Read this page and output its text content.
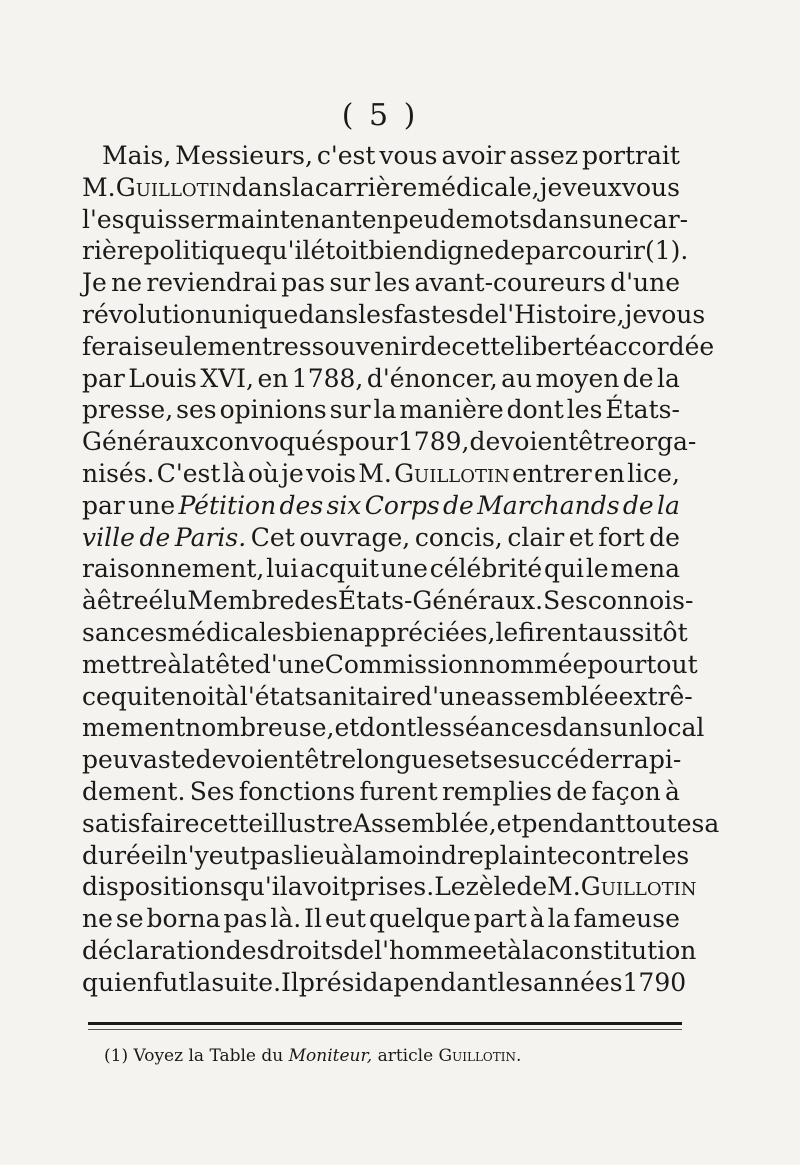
( 5 )
Mais, Messieurs, c'est vous avoir assez portrait
M. Guillotin dans la carrière médicale, je veux vous
l'esquisser maintenant en peu de mots dans une car-
rière politique qu'il étoit bien digne de parcourir (1).
Je ne reviendrai pas sur les avant-coureurs d'une
révolution unique dans les fastes de l'Histoire, je vous
ferai seulement ressouvenir de cette liberté accordée
par Louis XVI, en 1788, d'énoncer, au moyen de la
presse, ses opinions sur la manière dont les États-
Généraux convoqués pour 1789, devoient être orga-
nisés. C'est là où je vois M. Guillotin entrer en lice,
par une Pétition des six Corps de Marchands de la
ville de Paris. Cet ouvrage, concis, clair et fort de
raisonnement, lui acquit une célébrité qui le mena
à être élu Membre des États-Généraux. Ses connois-
sances médicales bien appréciées, le firent aussitôt
mettre à la tête d'une Commission nommée pour tout
ce qui tenoit à l'état sanitaire d'une assemblée extrê-
mement nombreuse, et dont les séances dans un local
peu vaste devoient être longues et se succéder rapi-
dement. Ses fonctions furent remplies de façon à
satisfaire cette illustre Assemblée, et pendant toute sa
durée il n'y eut pas lieu à la moindre plainte contre les
dispositions qu'il avoit prises. Le zèle de M. Guillotin
ne se borna pas là. Il eut quelque part à la fameuse
déclaration des droits de l'homme et à la constitution
qui en fut la suite. Il présida pendant les années 1790
(1) Voyez la Table du Moniteur, article Guillotin.
